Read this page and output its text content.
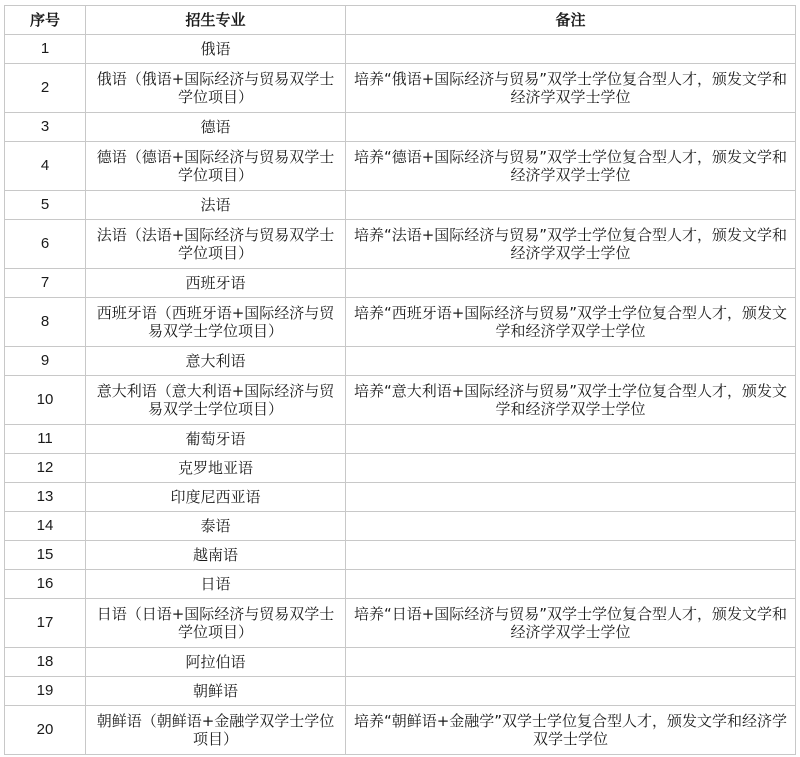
序号	招生专业	备注
1	俄语	
2	俄语（俄语+国际经济与贸易双学士学位项目）	培养“俄语+国际经济与贸易”双学士学位复合型人才，颁发文学和经济学双学士学位
3	德语	
4	德语（德语+国际经济与贸易双学士学位项目）	培养“德语+国际经济与贸易”双学士学位复合型人才，颁发文学和经济学双学士学位
5	法语	
6	法语（法语+国际经济与贸易双学士学位项目）	培养“法语+国际经济与贸易”双学士学位复合型人才，颁发文学和经济学双学士学位
7	西班牙语	
8	西班牙语（西班牙语+国际经济与贸易双学士学位项目）	培养“西班牙语+国际经济与贸易”双学士学位复合型人才，颁发文学和经济学双学士学位
9	意大利语	
10	意大利语（意大利语+国际经济与贸易双学士学位项目）	培养“意大利语+国际经济与贸易”双学士学位复合型人才，颁发文学和经济学双学士学位
11	葡萄牙语	
12	克罗地亚语	
13	印度尼西亚语	
14	泰语	
15	越南语	
16	日语	
17	日语（日语+国际经济与贸易双学士学位项目）	培养“日语+国际经济与贸易”双学士学位复合型人才，颁发文学和经济学双学士学位
18	阿拉伯语	
19	朝鲜语	
20	朝鲜语（朝鲜语+金融学双学士学位项目）	培养“朝鲜语+金融学”双学士学位复合型人才，颁发文学和经济学双学士学位
